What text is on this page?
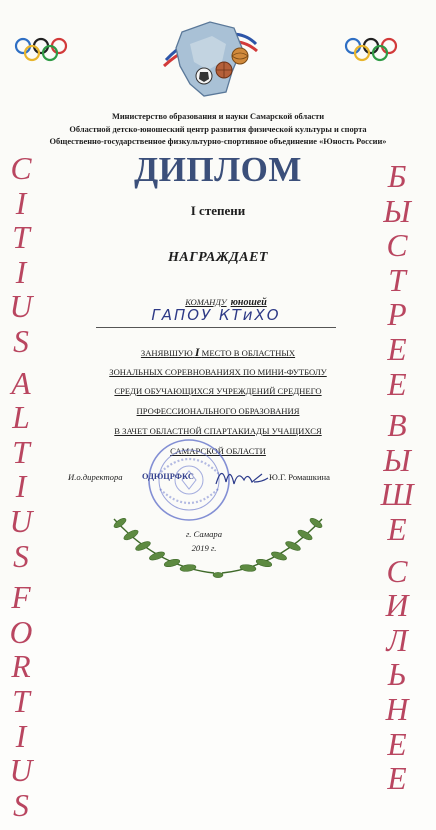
Министерство образования и науки Самарской области
Областной детско-юношеский центр развития физической культуры и спорта
Общественно-государственное физкультурно-спортивное объединение «Юность России»
ДИПЛОМ
I степени
НАГРАЖДАЕТ
КОМАНДУ юношей
ГАПОУ КТиХО
ЗАНЯВШУЮ I МЕСТО В ОБЛАСТНЫХ
ЗОНАЛЬНЫХ СОРЕВНОВАНИЯХ ПО МИНИ-ФУТБОЛУ
СРЕДИ ОБУЧАЮЩИХСЯ УЧРЕЖДЕНИЙ СРЕДНЕГО
ПРОФЕССИОНАЛЬНОГО ОБРАЗОВАНИЯ
В ЗАЧЕТ ОБЛАСТНОЙ СПАРТАКИАДЫ УЧАЩИХСЯ
САМАРСКОЙ ОБЛАСТИ
И.о.директора ОДЮЦРФКС	Ю.Г. Ромашкина
г. Самара
2019 г.
C
I
T
I
U
S
A
L
T
I
U
S
F
O
R
T
I
U
S
Б
Ы
С
Т
Р
Е
Е
В
Ы
Ш
Е
С
И
Л
Ь
Н
Е
Е
